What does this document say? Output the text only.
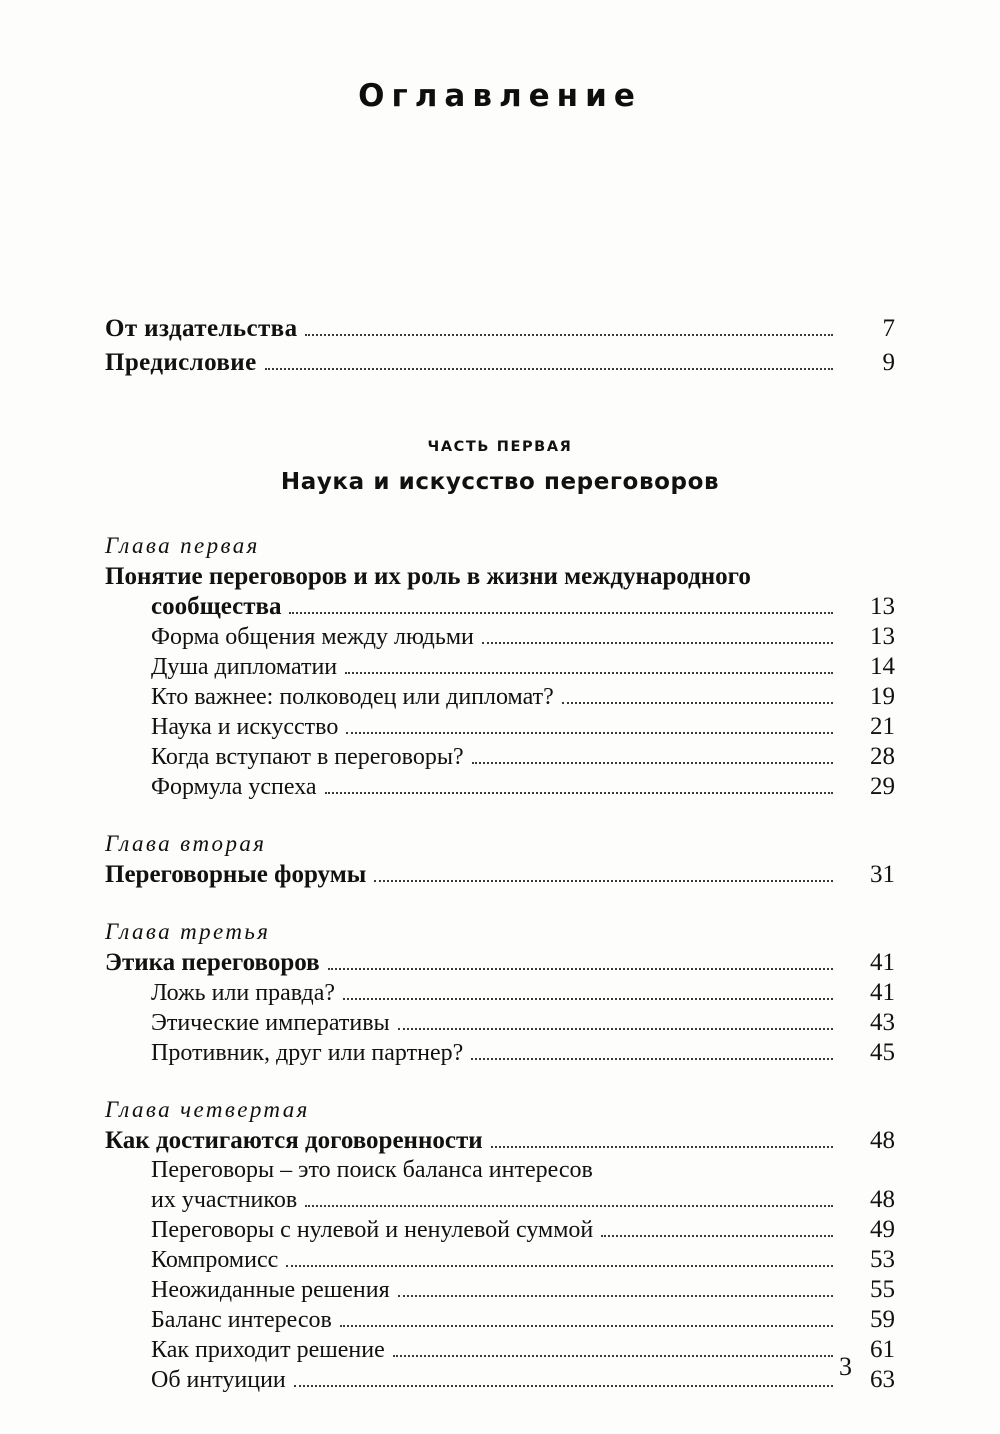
Оглавление
От издательства	7
Предисловие	9
ЧАСТЬ ПЕРВАЯ
Наука и искусство переговоров
Глава первая
Понятие переговоров и их роль в жизни международного
сообщества	13
Форма общения между людьми	13
Душа дипломатии	14
Кто важнее: полководец или дипломат?	19
Наука и искусство	21
Когда вступают в переговоры?	28
Формула успеха	29
Глава вторая
Переговорные форумы	31
Глава третья
Этика переговоров	41
Ложь или правда?	41
Этические императивы	43
Противник, друг или партнер?	45
Глава четвертая
Как достигаются договоренности	48
Переговоры – это поиск баланса интересов
их участников	48
Переговоры с нулевой и ненулевой суммой	49
Компромисс	53
Неожиданные решения	55
Баланс интересов	59
Как приходит решение	61
Об интуиции	63
3
